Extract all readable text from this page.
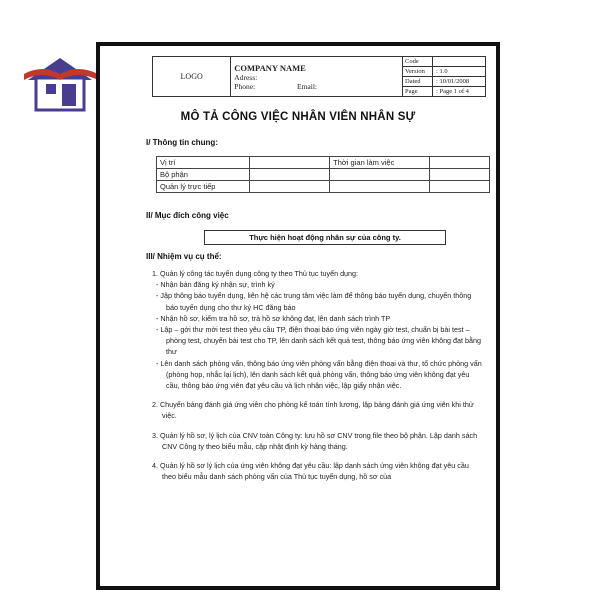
LOGO	
COMPANY NAME
Adress:
Phone:	Email:

Code
Version	: 1.0
Dated	: 10/01/2008
Page	: Page 1 of 4
MÔ TẢ CÔNG VIỆC NHÂN VIÊN NHÂN SỰ
I/ Thông tin chung:
Vị trí		Thời gian làm việc	
Bộ phận			
Quản lý trực tiếp			
II/ Mục đích công việc
Thực hiện hoạt động nhân sự của công ty.
III/ Nhiệm vụ cụ thể:

1. Quản lý công tác tuyển dụng công ty theo Thủ tục tuyển dụng:

- Nhận bản đăng ký nhận sự, trình ký

- Jập thông báo tuyển dụng, liên hệ các trung tâm việc làm để thông báo tuyển dụng, chuyển thông báo tuyển dụng cho thư ký HC đăng báo

- Nhận hồ sơ, kiểm tra hồ sơ, trả hồ sơ không đạt, lên danh sách trình TP

- Lập – gởi thư mời test theo yêu cầu TP, điện thoại báo ứng viên ngày giờ test, chuẩn bị bài test – phòng test, chuyển bài test cho TP, lên danh sách kết quả test, thông báo ứng viên không đạt bằng thư

- Lên danh sách phỏng vấn, thông báo ứng viên phỏng vấn bằng điện thoại và thư, tổ chức phỏng vấn (phòng họp, nhắc lại lịch), lên danh sách kết quả phỏng vấn, thông báo ứng viên không đạt yêu cầu, thông báo ứng viên đạt yêu cầu và lịch nhận việc, lập giấy nhận việc.

2. Chuyển bảng đánh giá ứng viên cho phòng kế toán tính lương, lập bảng đánh giá ứng viên khi thử việc.

3. Quản lý hồ sơ, lý lịch của CNV toàn Công ty: lưu hồ sơ CNV trong file theo bộ phận. Lập danh sách CNV Công ty theo biểu mẫu, cập nhật định kỳ hàng tháng.

4. Quản lý hồ sơ lý lịch của ứng viên không đạt yêu cầu: lập danh sách ứng viên không đạt yêu cầu theo biểu mẫu danh sách phỏng vấn của Thủ tục tuyển dụng, hồ sơ của
